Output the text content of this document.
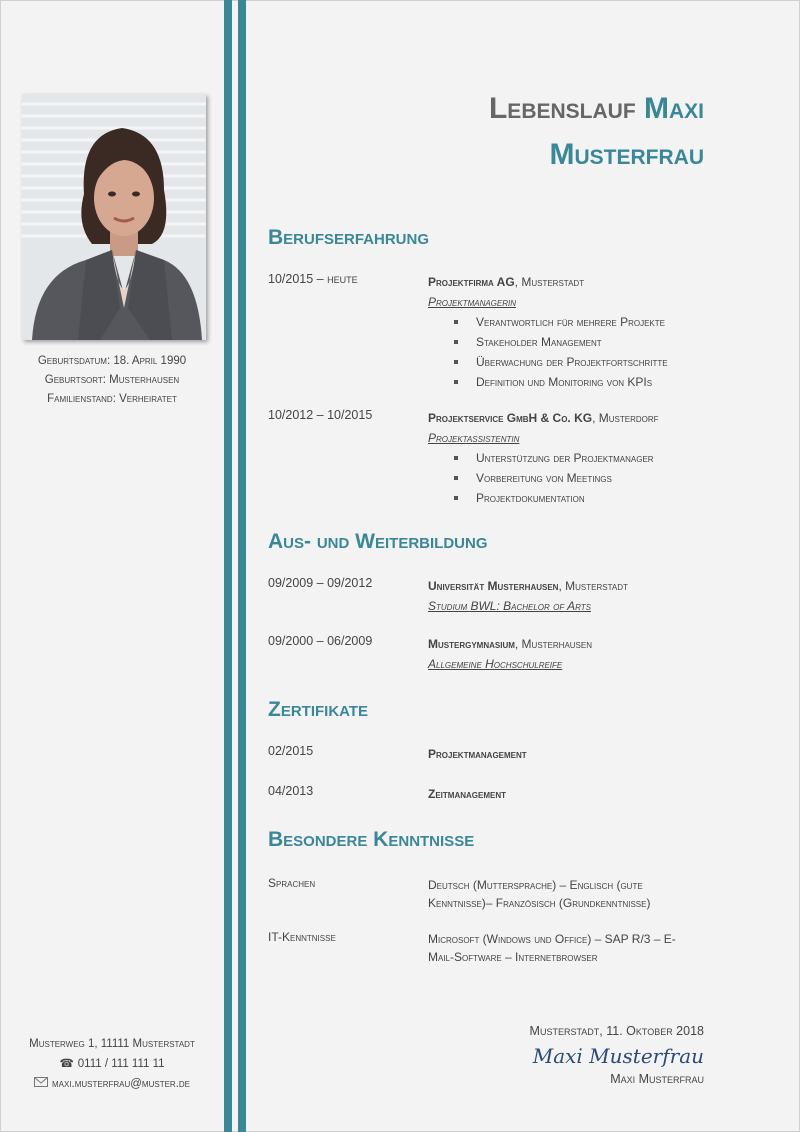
Geburtsdatum: 18. April 1990
Geburtsort: Musterhausen
Familienstand: Verheiratet
Musterweg 1, 11111 Musterstadt
☎ 0111 / 111 111 11
maxi.musterfrau@muster.de
Lebenslauf Maxi
Musterfrau
Berufserfahrung
10/2015 – heute	Projektfirma AG, Musterstadt
Projektmanagerin
Verantwortlich für mehrere Projekte
Stakeholder Management
Überwachung der Projektfortschritte
Definition und Monitoring von KPIs
10/2012 – 10/2015	Projektservice GmbH & Co. KG, Musterdorf
Projektassistentin
Unterstützung der Projektmanager
Vorbereitung von Meetings
Projektdokumentation
Aus- und Weiterbildung
09/2009 – 09/2012	Universität Musterhausen, Musterstadt
Studium BWL: Bachelor of Arts
09/2000 – 06/2009	Mustergymnasium, Musterhausen
Allgemeine Hochschulreife
Zertifikate
02/2015	Projektmanagement
04/2013	Zeitmanagement
Besondere Kenntnisse
Sprachen	Deutsch (Muttersprache) – Englisch (gute Kenntnisse)– Französisch (Grundkenntnisse)
IT-Kenntnisse	Microsoft (Windows und Office) – SAP R/3 – E-Mail-Software – Internetbrowser
Musterstadt, 11. Oktober 2018
Maxi Musterfrau
Maxi Musterfrau
